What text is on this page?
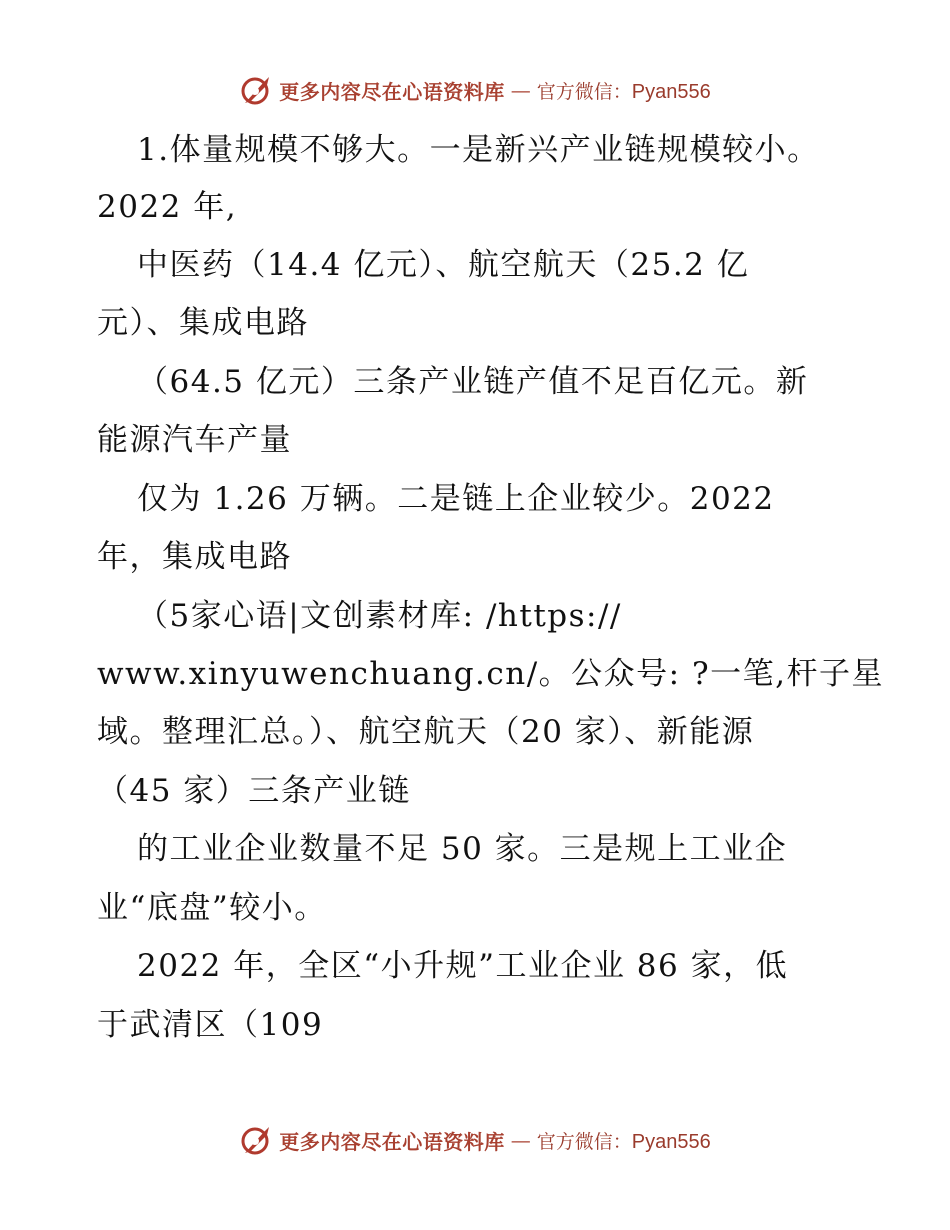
更多内容尽在心语资料库 — 官方微信：Pyan556
1.体量规模不够大。一是新兴产业链规模较小。
2022 年,
中医药（14.4 亿元）、航空航天（25.2 亿
元）、集成电路
（64.5 亿元）三条产业链产值不足百亿元。新
能源汽车产量
仅为 1.26 万辆。二是链上企业较少。2022
年，集成电路
（5家心语|文创素材库: /https://
www.xinyuwenchuang.cn/。公众号: ?一笔,杆子星
域。整理汇总。）、航空航天（20 家）、新能源
（45 家）三条产业链
的工业企业数量不足 50 家。三是规上工业企
业“底盘”较小。
2022 年，全区“小升规”工业企业 86 家，低
于武清区（109
更多内容尽在心语资料库 — 官方微信：Pyan556
